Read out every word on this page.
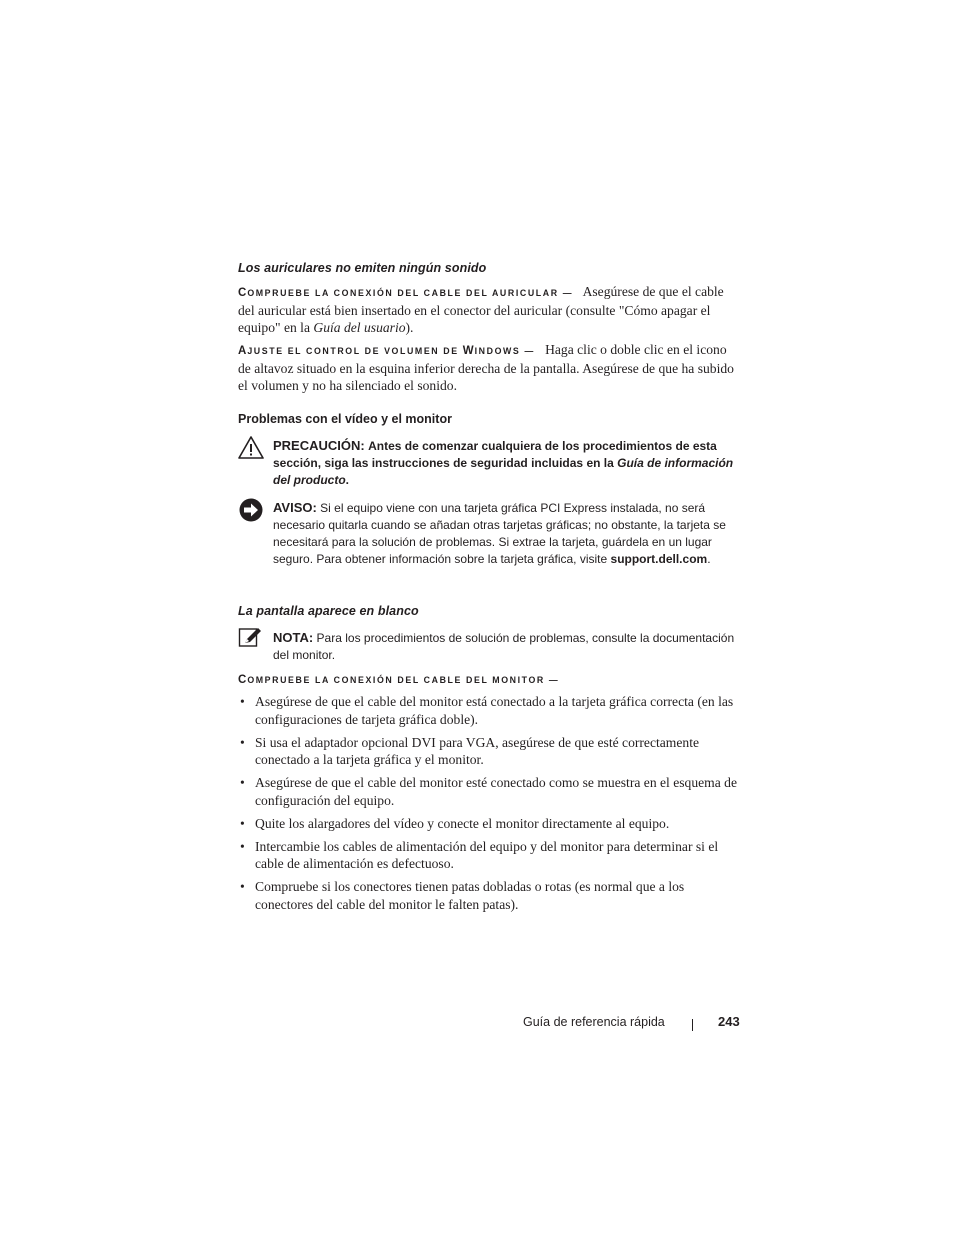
Los auriculares no emiten ningún sonido
COMPRUEBE LA CONEXIÓN DEL CABLE DEL AURICULAR — Asegúrese de que el cable del auricular está bien insertado en el conector del auricular (consulte "Cómo apagar el equipo" en la Guía del usuario).
AJUSTE EL CONTROL DE VOLUMEN DE WINDOWS — Haga clic o doble clic en el icono de altavoz situado en la esquina inferior derecha de la pantalla. Asegúrese de que ha subido el volumen y no ha silenciado el sonido.
Problemas con el vídeo y el monitor
PRECAUCIÓN: Antes de comenzar cualquiera de los procedimientos de esta sección, siga las instrucciones de seguridad incluidas en la Guía de información del producto.
AVISO: Si el equipo viene con una tarjeta gráfica PCI Express instalada, no será necesario quitarla cuando se añadan otras tarjetas gráficas; no obstante, la tarjeta se necesitará para la solución de problemas. Si extrae la tarjeta, guárdela en un lugar seguro. Para obtener información sobre la tarjeta gráfica, visite support.dell.com.
La pantalla aparece en blanco
NOTA: Para los procedimientos de solución de problemas, consulte la documentación del monitor.
COMPRUEBE LA CONEXIÓN DEL CABLE DEL MONITOR —
• Asegúrese de que el cable del monitor está conectado a la tarjeta gráfica correcta (en las configuraciones de tarjeta gráfica doble).
• Si usa el adaptador opcional DVI para VGA, asegúrese de que esté correctamente conectado a la tarjeta gráfica y el monitor.
• Asegúrese de que el cable del monitor esté conectado como se muestra en el esquema de configuración del equipo.
• Quite los alargadores del vídeo y conecte el monitor directamente al equipo.
• Intercambie los cables de alimentación del equipo y del monitor para determinar si el cable de alimentación es defectuoso.
• Compruebe si los conectores tienen patas dobladas o rotas (es normal que a los conectores del cable del monitor le falten patas).
Guía de referencia rápida	243
